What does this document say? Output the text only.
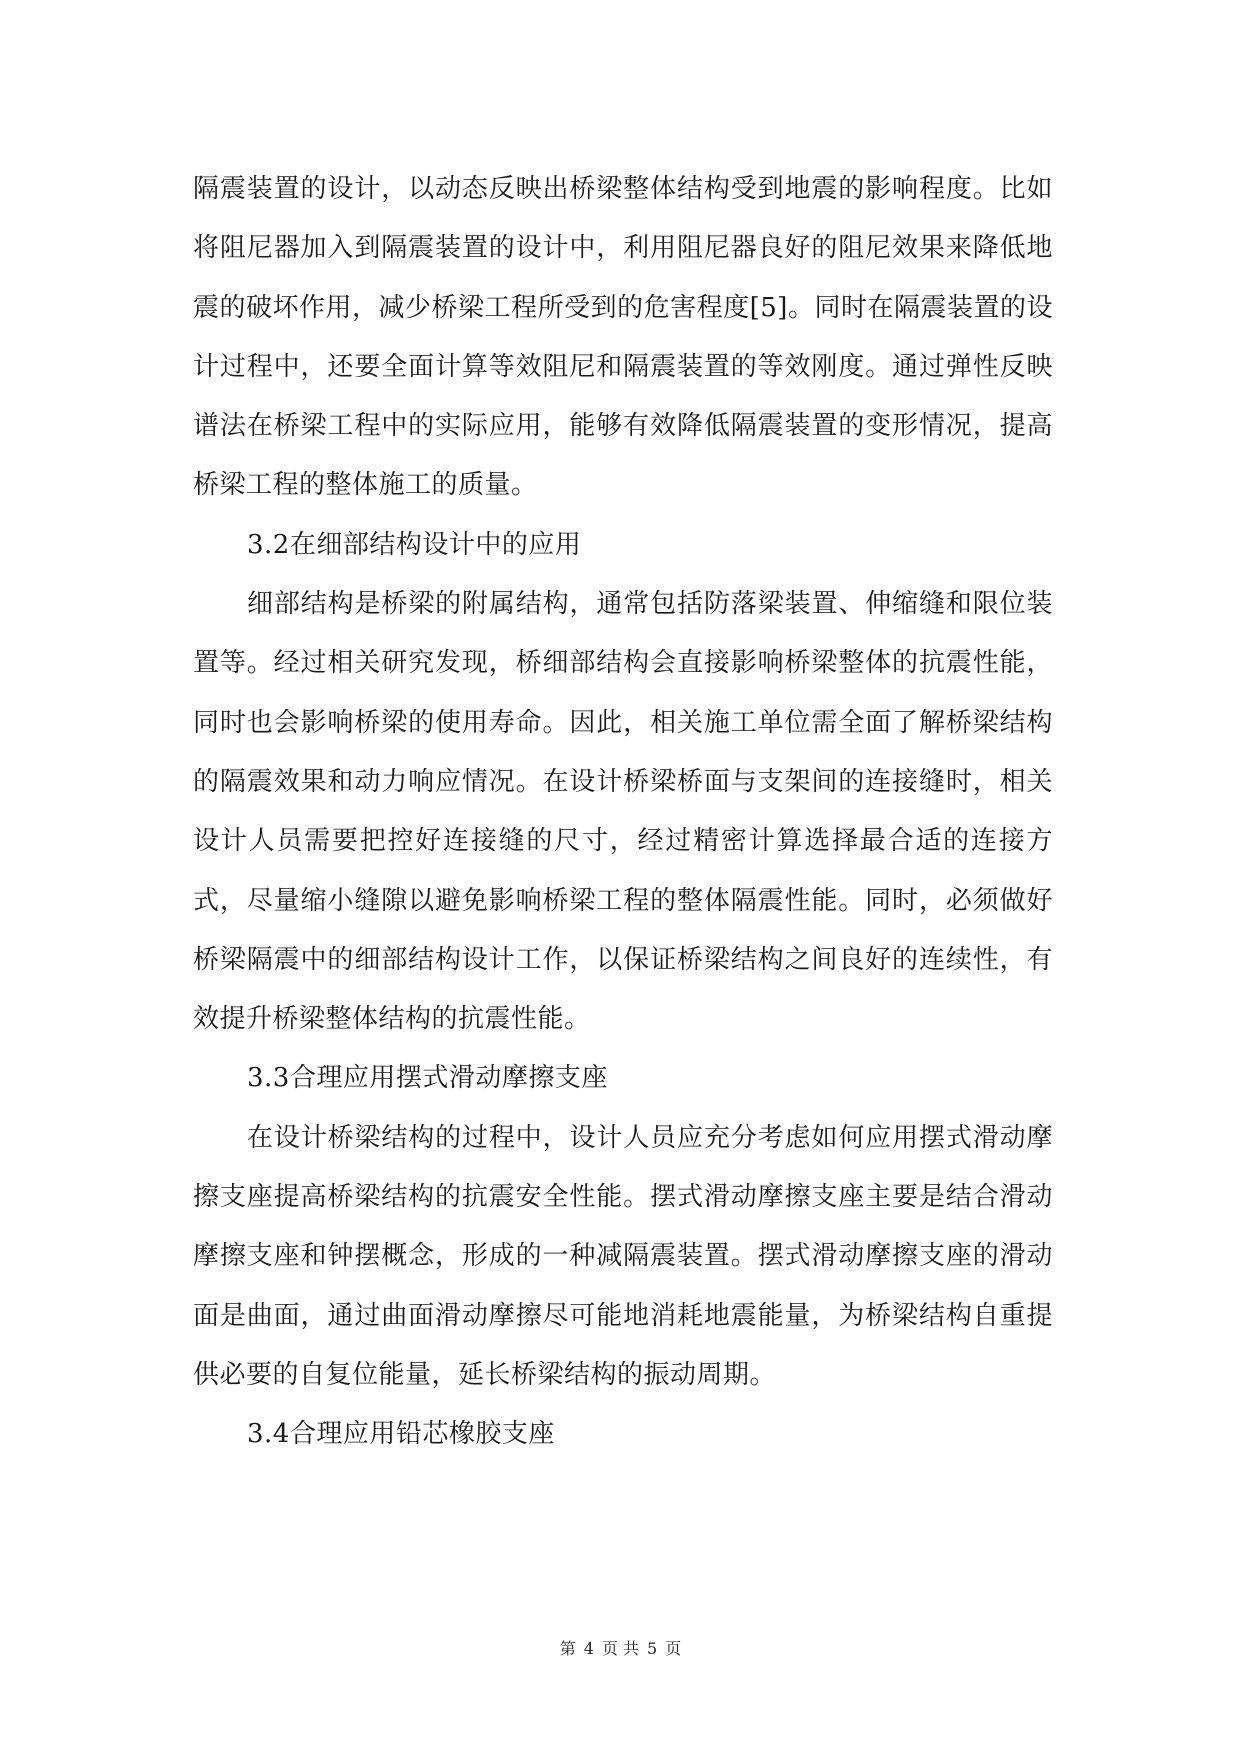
隔震装置的设计，以动态反映出桥梁整体结构受到地震的影响程度。比如将阻尼器加入到隔震装置的设计中，利用阻尼器良好的阻尼效果来降低地震的破坏作用，减少桥梁工程所受到的危害程度[5]。同时在隔震装置的设计过程中，还要全面计算等效阻尼和隔震装置的等效刚度。通过弹性反映谱法在桥梁工程中的实际应用，能够有效降低隔震装置的变形情况，提高桥梁工程的整体施工的质量。

3.2在细部结构设计中的应用

细部结构是桥梁的附属结构，通常包括防落梁装置、伸缩缝和限位装置等。经过相关研究发现，桥细部结构会直接影响桥梁整体的抗震性能，同时也会影响桥梁的使用寿命。因此，相关施工单位需全面了解桥梁结构的隔震效果和动力响应情况。在设计桥梁桥面与支架间的连接缝时，相关设计人员需要把控好连接缝的尺寸，经过精密计算选择最合适的连接方式，尽量缩小缝隙以避免影响桥梁工程的整体隔震性能。同时，必须做好桥梁隔震中的细部结构设计工作，以保证桥梁结构之间良好的连续性，有效提升桥梁整体结构的抗震性能。

3.3合理应用摆式滑动摩擦支座

在设计桥梁结构的过程中，设计人员应充分考虑如何应用摆式滑动摩擦支座提高桥梁结构的抗震安全性能。摆式滑动摩擦支座主要是结合滑动摩擦支座和钟摆概念，形成的一种减隔震装置。摆式滑动摩擦支座的滑动面是曲面，通过曲面滑动摩擦尽可能地消耗地震能量，为桥梁结构自重提供必要的自复位能量，延长桥梁结构的振动周期。

3.4合理应用铅芯橡胶支座

第 4 页 共 5 页
